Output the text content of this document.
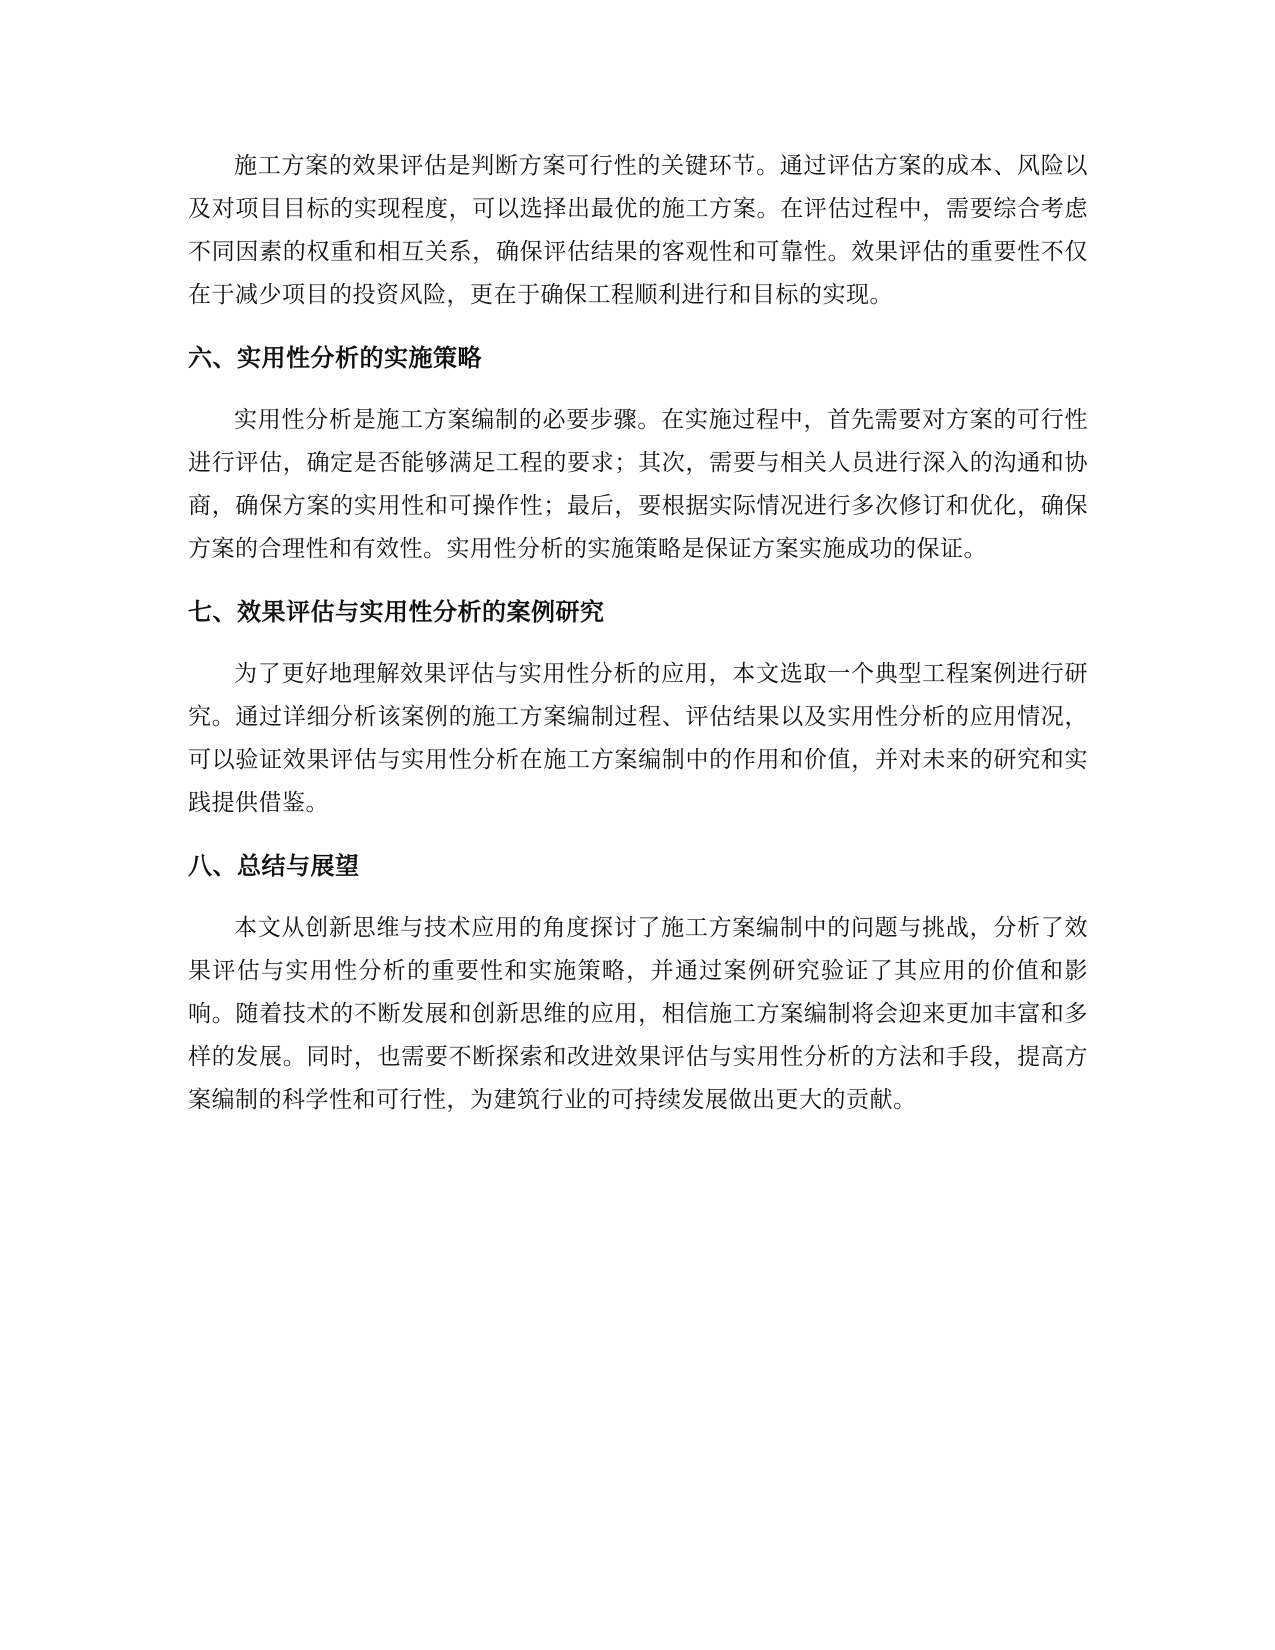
施工方案的效果评估是判断方案可行性的关键环节。通过评估方案的成本、风险以及对项目目标的实现程度，可以选择出最优的施工方案。在评估过程中，需要综合考虑不同因素的权重和相互关系，确保评估结果的客观性和可靠性。效果评估的重要性不仅在于减少项目的投资风险，更在于确保工程顺利进行和目标的实现。

六、实用性分析的实施策略

实用性分析是施工方案编制的必要步骤。在实施过程中，首先需要对方案的可行性进行评估，确定是否能够满足工程的要求；其次，需要与相关人员进行深入的沟通和协商，确保方案的实用性和可操作性；最后，要根据实际情况进行多次修订和优化，确保方案的合理性和有效性。实用性分析的实施策略是保证方案实施成功的保证。

七、效果评估与实用性分析的案例研究

为了更好地理解效果评估与实用性分析的应用，本文选取一个典型工程案例进行研究。通过详细分析该案例的施工方案编制过程、评估结果以及实用性分析的应用情况，可以验证效果评估与实用性分析在施工方案编制中的作用和价值，并对未来的研究和实践提供借鉴。

八、总结与展望

本文从创新思维与技术应用的角度探讨了施工方案编制中的问题与挑战，分析了效果评估与实用性分析的重要性和实施策略，并通过案例研究验证了其应用的价值和影响。随着技术的不断发展和创新思维的应用，相信施工方案编制将会迎来更加丰富和多样的发展。同时，也需要不断探索和改进效果评估与实用性分析的方法和手段，提高方案编制的科学性和可行性，为建筑行业的可持续发展做出更大的贡献。
